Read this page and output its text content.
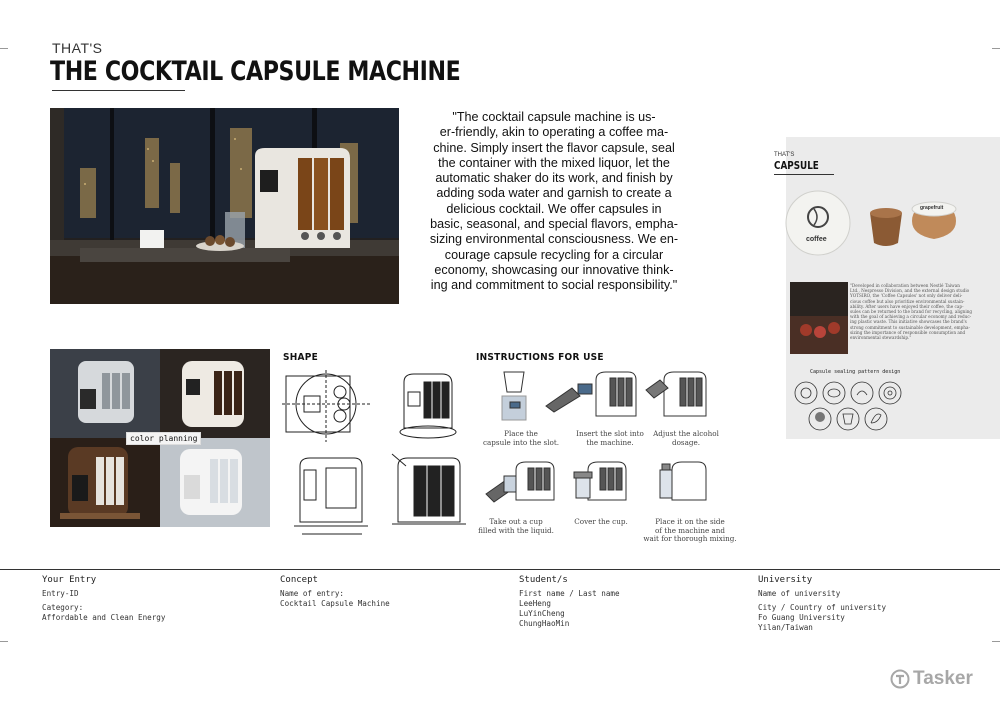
THAT'S
THE COCKTAIL CAPSULE MACHINE
"The cocktail capsule machine is us-
er-friendly, akin to operating a coffee ma-
chine. Simply insert the flavor capsule, seal
the container with the mixed liquor, let the
automatic shaker do its work, and finish by
adding soda water and garnish to create a
delicious cocktail. We offer capsules in
basic, seasonal, and special flavors, empha-
sizing environmental consciousness. We en-
courage capsule recycling for a circular
economy, showcasing our innovative think-
ing and commitment to social responsibility."
color planning
SHAPE	INSTRUCTIONS FOR USE
Place the
capsule into the slot.
Insert the slot into
the machine.
Adjust the alcohol
dosage.
Take out a cup
filled with the liquid.
Cover the cup.	Place it on the side
of the machine and
wait for thorough mixing.
THAT'S
CAPSULE
coffee
grapefruit
"Developed in collaboration between Nestlé Taiwan
Ltd., Nespresso Division, and the external design studio
YOTSIRO, the 'Coffee Capsules' not only deliver deli-
cious coffee but also prioritize environmental sustain-
ability. After users have enjoyed their coffee, the cap-
sules can be returned to the brand for recycling, aligning
with the goal of achieving a circular economy and reduc-
ing plastic waste. This initiative showcases the brand's
strong commitment to sustainable development, empha-
sizing the importance of responsible consumption and
environmental stewardship."
Capsule sealing pattern design
Your Entry
Entry-ID
Category:
Affordable and Clean Energy
Concept
Name of entry:
Cocktail Capsule Machine
Student/s
First name / Last name
LeeHeng
LuYinCheng
ChungHaoMin
University
Name of university
City / Country of university
Fo Guang University
Yilan/Taiwan
Tasker
